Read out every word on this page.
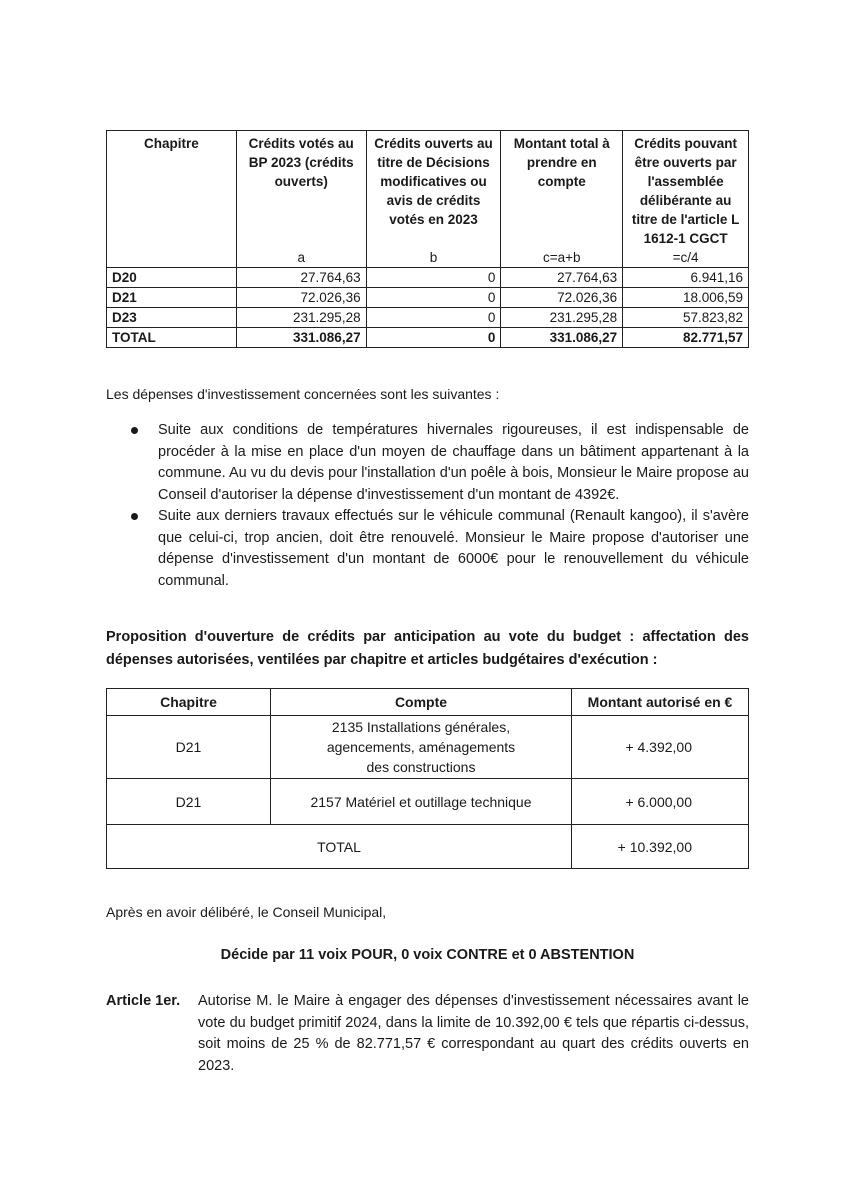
Chapitre	Crédits votés au BP 2023 (crédits ouverts)	Crédits ouverts au titre de Décisions modificatives ou avis de crédits votés en 2023	Montant total à prendre en compte	Crédits pouvant être ouverts par l'assemblée délibérante au titre de l'article L 1612-1 CGCT
	a	b	c=a+b	=c/4
D20	27.764,63	0	27.764,63	6.941,16
D21	72.026,36	0	72.026,36	18.006,59
D23	231.295,28	0	231.295,28	57.823,82
TOTAL	331.086,27	0	331.086,27	82.771,57
Les dépenses d'investissement concernées sont les suivantes :
Suite aux conditions de températures hivernales rigoureuses, il est indispensable de procéder à la mise en place d'un moyen de chauffage dans un bâtiment appartenant à la commune. Au vu du devis pour l'installation d'un poêle à bois, Monsieur le Maire propose au Conseil d'autoriser la dépense d'investissement d'un montant de 4392€.
Suite aux derniers travaux effectués sur le véhicule communal (Renault kangoo), il s'avère que celui-ci, trop ancien, doit être renouvelé. Monsieur le Maire propose d'autoriser une dépense d'investissement d'un montant de 6000€ pour le renouvellement du véhicule communal.
Proposition d'ouverture de crédits par anticipation au vote du budget : affectation des dépenses autorisées, ventilées par chapitre et articles budgétaires d'exécution :
Chapitre	Compte	Montant autorisé en €
D21	2135 Installations générales, agencements, aménagements des constructions	+ 4.392,00
D21	2157 Matériel et outillage technique	+ 6.000,00
TOTAL		+ 10.392,00
Après en avoir délibéré, le Conseil Municipal,
Décide par 11 voix POUR, 0 voix CONTRE et 0 ABSTENTION
Article 1er. Autorise M. le Maire à engager des dépenses d'investissement nécessaires avant le vote du budget primitif 2024, dans la limite de 10.392,00 € tels que répartis ci-dessus, soit moins de 25 % de 82.771,57 € correspondant au quart des crédits ouverts en 2023.
